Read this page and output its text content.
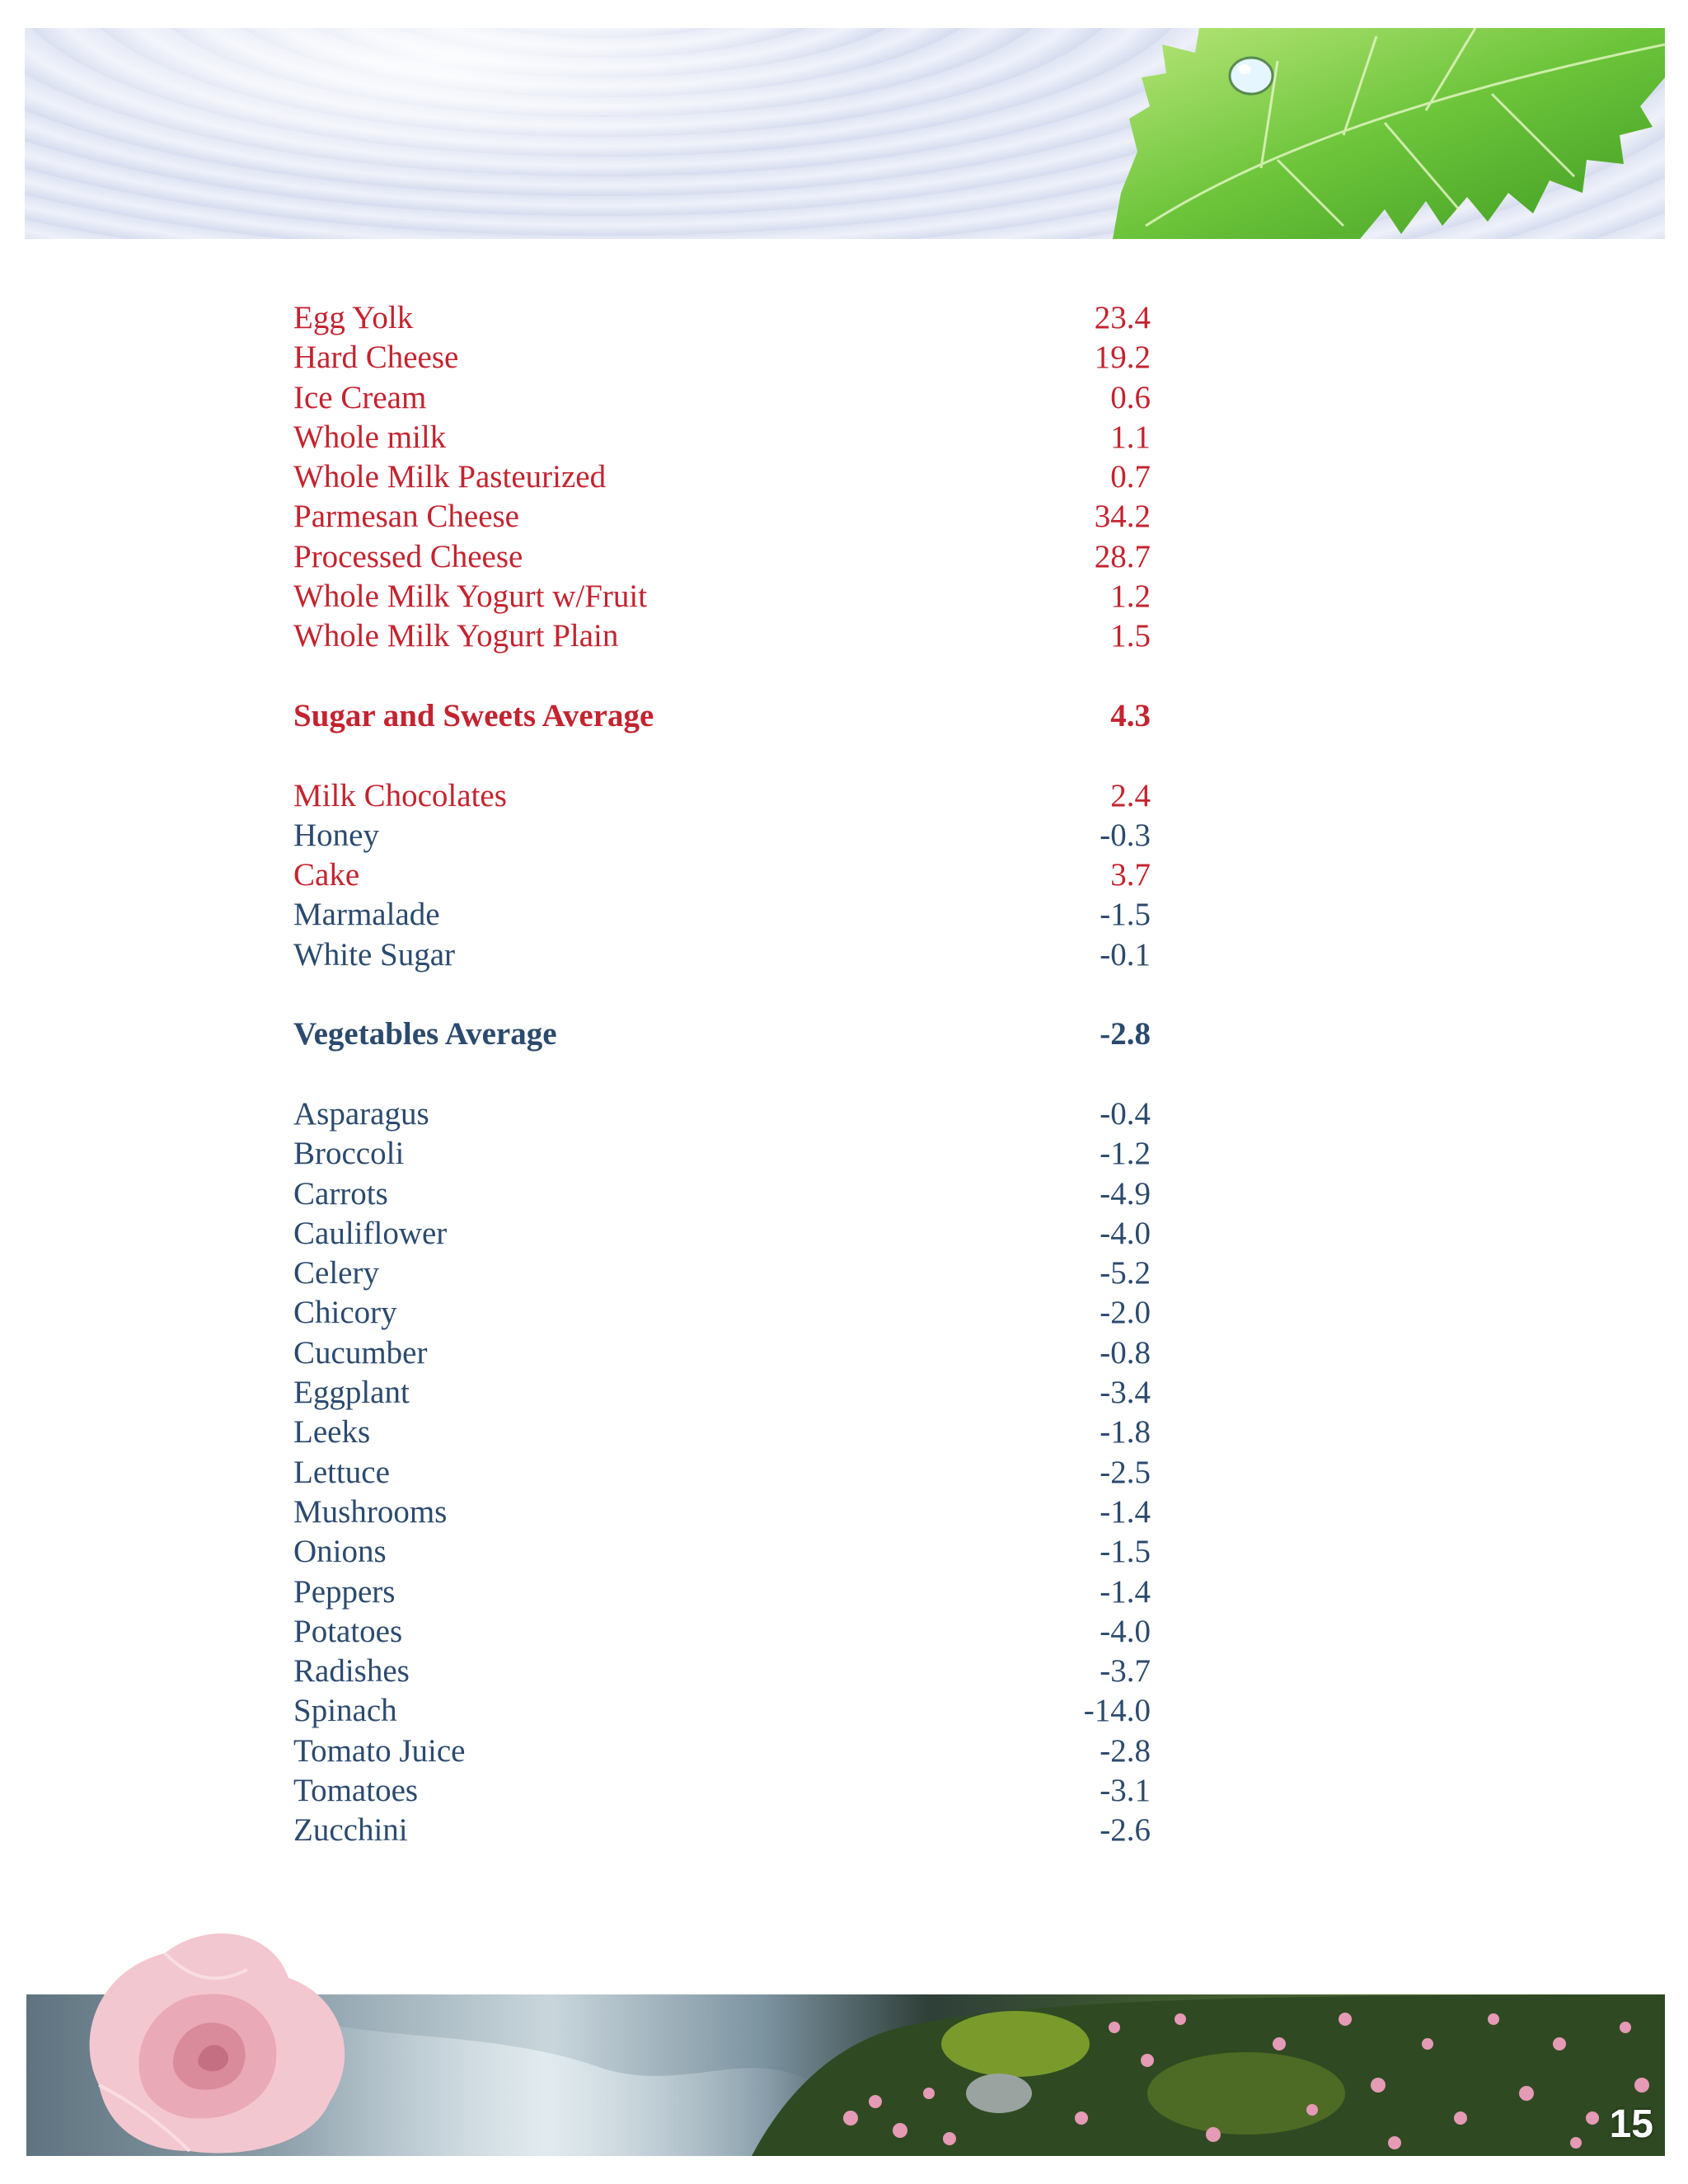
Egg Yolk	23.4
Hard Cheese	19.2
Ice Cream	0.6
Whole milk	1.1
Whole Milk Pasteurized	0.7
Parmesan Cheese	34.2
Processed Cheese	28.7
Whole Milk Yogurt w/Fruit	1.2
Whole Milk Yogurt Plain	1.5
Sugar and Sweets Average	4.3
Milk Chocolates	2.4
Honey	-0.3
Cake	3.7
Marmalade	-1.5
White Sugar	-0.1
Vegetables Average	-2.8
Asparagus	-0.4
Broccoli	-1.2
Carrots	-4.9
Cauliflower	-4.0
Celery	-5.2
Chicory	-2.0
Cucumber	-0.8
Eggplant	-3.4
Leeks	-1.8
Lettuce	-2.5
Mushrooms	-1.4
Onions	-1.5
Peppers	-1.4
Potatoes	-4.0
Radishes	-3.7
Spinach	-14.0
Tomato Juice	-2.8
Tomatoes	-3.1
Zucchini	-2.6
15
